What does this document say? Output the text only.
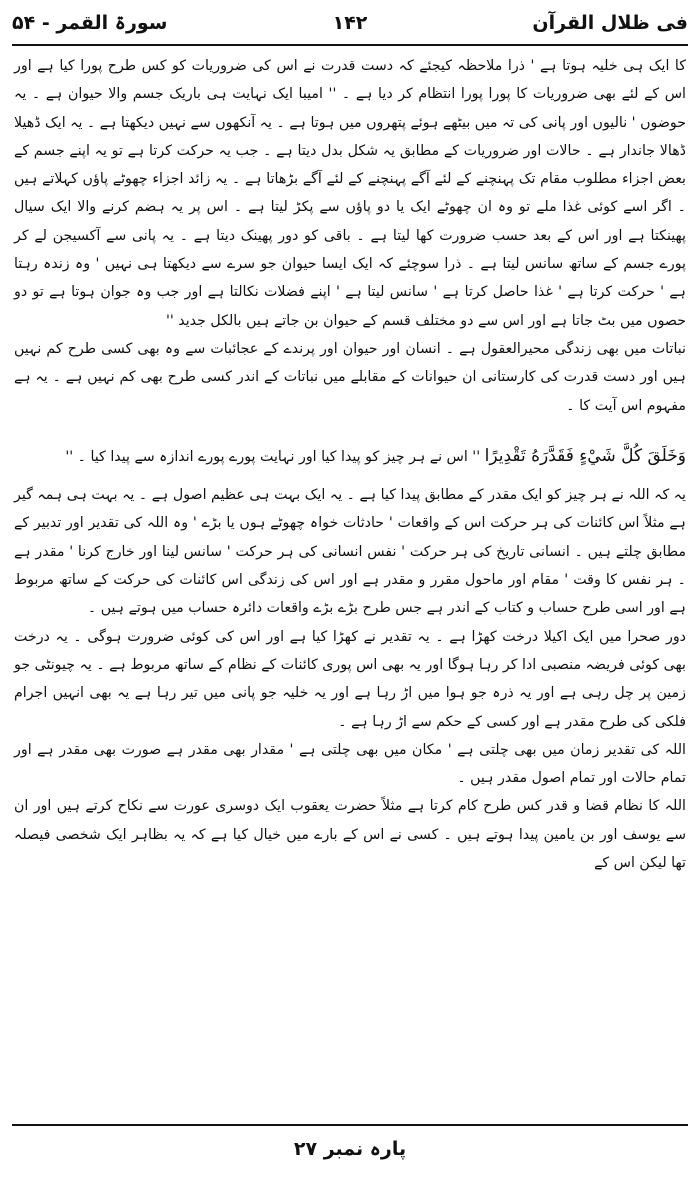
فی ظلال القرآن
۱۴۲
سورۃ القمر - ۵۴

کا ایک ہی خلیہ ہوتا ہے ' ذرا ملاحظہ کیجئے کہ دست قدرت نے اس کی ضروریات کو کس طرح پورا کیا ہے اور اس کے لئے بھی ضروریات کا پورا پورا انتظام کر دیا ہے ۔ '' امیبا ایک نہایت ہی باریک جسم والا حیوان ہے ۔ یہ حوضوں ' نالیوں اور پانی کی تہ میں بیٹھے ہوئے پتھروں میں ہوتا ہے ۔ یہ آنکھوں سے نہیں دیکھتا ہے ۔ یہ ایک ڈھیلا ڈھالا جاندار ہے ۔ حالات اور ضروریات کے مطابق یہ شکل بدل دیتا ہے ۔ جب یہ حرکت کرتا ہے تو یہ اپنے جسم کے بعض اجزاء مطلوب مقام تک پہنچنے کے لئے آگے پہنچنے کے لئے آگے بڑھاتا ہے ۔ یہ زائد اجزاء چھوٹے پاؤں کہلاتے ہیں ۔ اگر اسے کوئی غذا ملے تو وہ ان چھوٹے ایک یا دو پاؤں سے پکڑ لیتا ہے ۔ اس پر یہ ہضم کرنے والا ایک سیال پھینکتا ہے اور اس کے بعد حسب ضرورت کھا لیتا ہے ۔ باقی کو دور پھینک دیتا ہے ۔ یہ پانی سے آکسیجن لے کر پورے جسم کے ساتھ سانس لیتا ہے ۔ ذرا سوچئے کہ ایک ایسا حیوان جو سرے سے دیکھتا ہی نہیں ' وہ زندہ رہتا ہے ' حرکت کرتا ہے ' غذا حاصل کرتا ہے ' سانس لیتا ہے ' اپنے فضلات نکالتا ہے اور جب وہ جوان ہوتا ہے تو دو حصوں میں بٹ جاتا ہے اور اس سے دو مختلف قسم کے حیوان بن جاتے ہیں بالکل جدید ''

نباتات میں بھی زندگی محیرالعقول ہے ۔ انسان اور حیوان اور پرندے کے عجائبات سے وہ بھی کسی طرح کم نہیں ہیں اور دست قدرت کی کارستانی ان حیوانات کے مقابلے میں نباتات کے اندر کسی طرح بھی کم نہیں ہے ۔ یہ ہے مفہوم اس آیت کا ۔

وَخَلَقَ كُلَّ شَيْءٍ فَقَدَّرَهُ تَقْدِيرًا '' اس نے ہر چیز کو پیدا کیا اور نہایت پورے پورے اندازہ سے پیدا کیا ۔ ''

یہ کہ اللہ نے ہر چیز کو ایک مقدر کے مطابق پیدا کیا ہے ۔ یہ ایک بہت ہی عظیم اصول ہے ۔ یہ بہت ہی ہمہ گیر ہے مثلاً اس کائنات کی ہر حرکت اس کے واقعات ' حادثات خواہ چھوٹے ہوں یا بڑے ' وہ اللہ کی تقدیر اور تدبیر کے مطابق چلتے ہیں ۔ انسانی تاریخ کی ہر حرکت ' نفس انسانی کی ہر حرکت ' سانس لینا اور خارج کرنا ' مقدر ہے ۔ ہر نفس کا وقت ' مقام اور ماحول مقرر و مقدر ہے اور اس کی زندگی اس کائنات کی حرکت کے ساتھ مربوط ہے اور اسی طرح حساب و کتاب کے اندر ہے جس طرح بڑے بڑے واقعات دائرہ حساب میں ہوتے ہیں ۔

دور صحرا میں ایک اکیلا درخت کھڑا ہے ۔ یہ تقدیر نے کھڑا کیا ہے اور اس کی کوئی ضرورت ہوگی ۔ یہ درخت بھی کوئی فریضہ منصبی ادا کر رہا ہوگا اور یہ بھی اس پوری کائنات کے نظام کے ساتھ مربوط ہے ۔ یہ چیونٹی جو زمین پر چل رہی ہے اور یہ ذرہ جو ہوا میں اڑ رہا ہے اور یہ خلیہ جو پانی میں تیر رہا ہے یہ بھی انہیں اجرام فلکی کی طرح مقدر ہے اور کسی کے حکم سے اڑ رہا ہے ۔

اللہ کی تقدیر زمان میں بھی چلتی ہے ' مکان میں بھی چلتی ہے ' مقدار بھی مقدر ہے صورت بھی مقدر ہے اور تمام حالات اور تمام اصول مقدر ہیں ۔

اللہ کا نظام قضا و قدر کس طرح کام کرتا ہے مثلاً حضرت یعقوب ایک دوسری عورت سے نکاح کرتے ہیں اور ان سے یوسف اور بن یامین پیدا ہوتے ہیں ۔ کسی نے اس کے بارے میں خیال کیا ہے کہ یہ بظاہر ایک شخصی فیصلہ تھا لیکن اس کے

پارہ نمبر ۲۷
